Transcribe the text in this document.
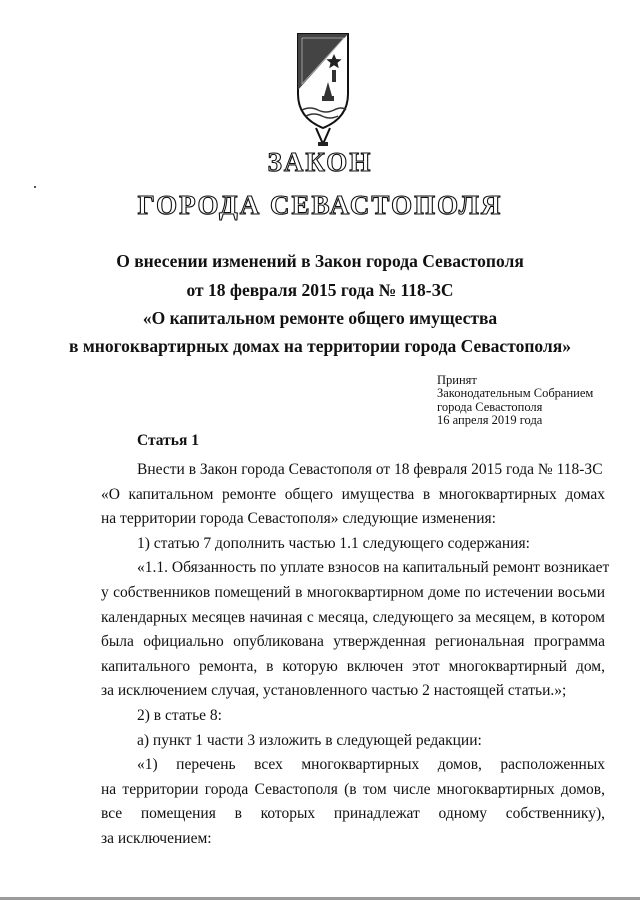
ЗАКОН
ГОРОДА СЕВАСТОПОЛЯ
О внесении изменений в Закон города Севастополя
от 18 февраля 2015 года № 118-ЗС
«О капитальном ремонте общего имущества
в многоквартирных домах на территории города Севастополя»
Принят
Законодательным Собранием
города Севастополя
16 апреля 2019 года
Статья 1
Внести в Закон города Севастополя от 18 февраля 2015 года № 118-ЗС
«О капитальном ремонте общего имущества в многоквартирных домах
на территории города Севастополя» следующие изменения:
1) статью 7 дополнить частью 1.1 следующего содержания:
«1.1. Обязанность по уплате взносов на капитальный ремонт возникает
у собственников помещений в многоквартирном доме по истечении восьми
календарных месяцев начиная с месяца, следующего за месяцем, в котором
была официально опубликована утвержденная региональная программа
капитального ремонта, в которую включен этот многоквартирный дом,
за исключением случая, установленного частью 2 настоящей статьи.»;
2) в статье 8:
а) пункт 1 части 3 изложить в следующей редакции:
«1) перечень всех многоквартирных домов, расположенных
на территории города Севастополя (в том числе многоквартирных домов,
все помещения в которых принадлежат одному собственнику),
за исключением:
